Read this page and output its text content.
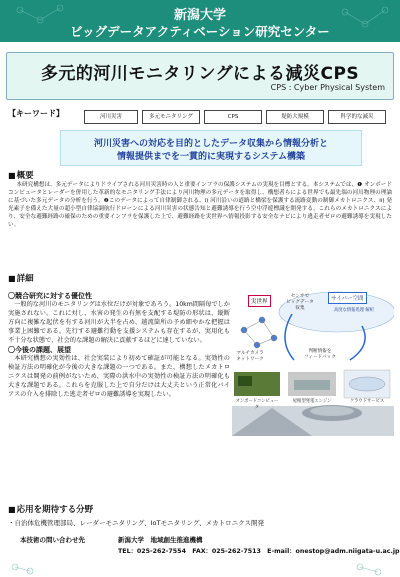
新潟大学
ビッグデータアクティベーション研究センター
多元的河川モニタリングによる減災CPS
CPS : Cyber Physical System
【キーワード】	河川災害	多元モニタリング	CPS	堤防大規模	科学的な減災
河川災害への対応を目的としたデータ収集から情報分析と
情報提供までを一貫的に実現するシステム構築
■ 概要
本研究構想は、多元データによりドライブされる河川災害時の人と重要インフラの保護システムの実現を目標とする。本システムでは、❶ オンボードコンピュータとレーダーを併用した革新的なモニタリング手法により河川物理の多元データを取得し、構想者らによる世界でも最先端の河川物理の理論に基づいた多元データの分析を行う。❷このデータによって自律制御される、i) 河川沿いの道路と橋梁を保護する流路変動の制御メカトロニクス、ii) 発光素子を備えた大量の超小型自律協調航行ドローンによる河川災害の状態告知と避難誘導を行う空中浮遊標識を開発する。これらのメカトロニクスにより、安全な避難経路の確保のための重要インフラを保護した上で、避難経路を実世界へ情報投影する安全なナビにより逃走者ゼロの避難誘導を実現したい。
■ 詳細
〇競合研究に対する優位性

一般的な河川のモニタリングは水位だけが対象であろう。10km間隔毎でしか実施されない。これに対し、水害の発生の有無を支配する堤防の形状は、縦断方向に複雑な起伏を有する河川が大半を占め、越流箇所の予め細やかな把握は事業上困難である。先行する避難行動を支援システムも存在するが、実用化も不十分な状態で、社会的な課題の解決に貢献するほどに達していない。

〇今後の課題、展望

本研究構想の実効性は、社会実装により初めて確証が可能となる。実効性の検証方法の明確化が今後の大きな課題の一つである。また、構想したメカトロニクスは開発の前例がないため、実際の洪水中の実効性の検証方法の明確化も大きな課題である。これらを克服した上で自分だけは大丈夫という正常化バイアスの介入を排除した逃走者ゼロの避難誘導を実現したい。

実世界
センサで
ビッグデータ
収集
サイバー空間
高度な情報処理 解析
マルチカメラ
ネットワーク
判断情報を
フィードバック
オンボードコンピュータ
屋根型発電エンジン	クラウドサービス
■ 応用を期待する分野
・自治体危機管理部局、レーダーモニタリング、IoTモニタリング、メカトロニクス開発
本技術の問い合わせ先	新潟大学　地域創生推進機構
TEL：025-262-7554　FAX：025-262-7513　E-mail：onestop@adm.niigata-u.ac.jp
